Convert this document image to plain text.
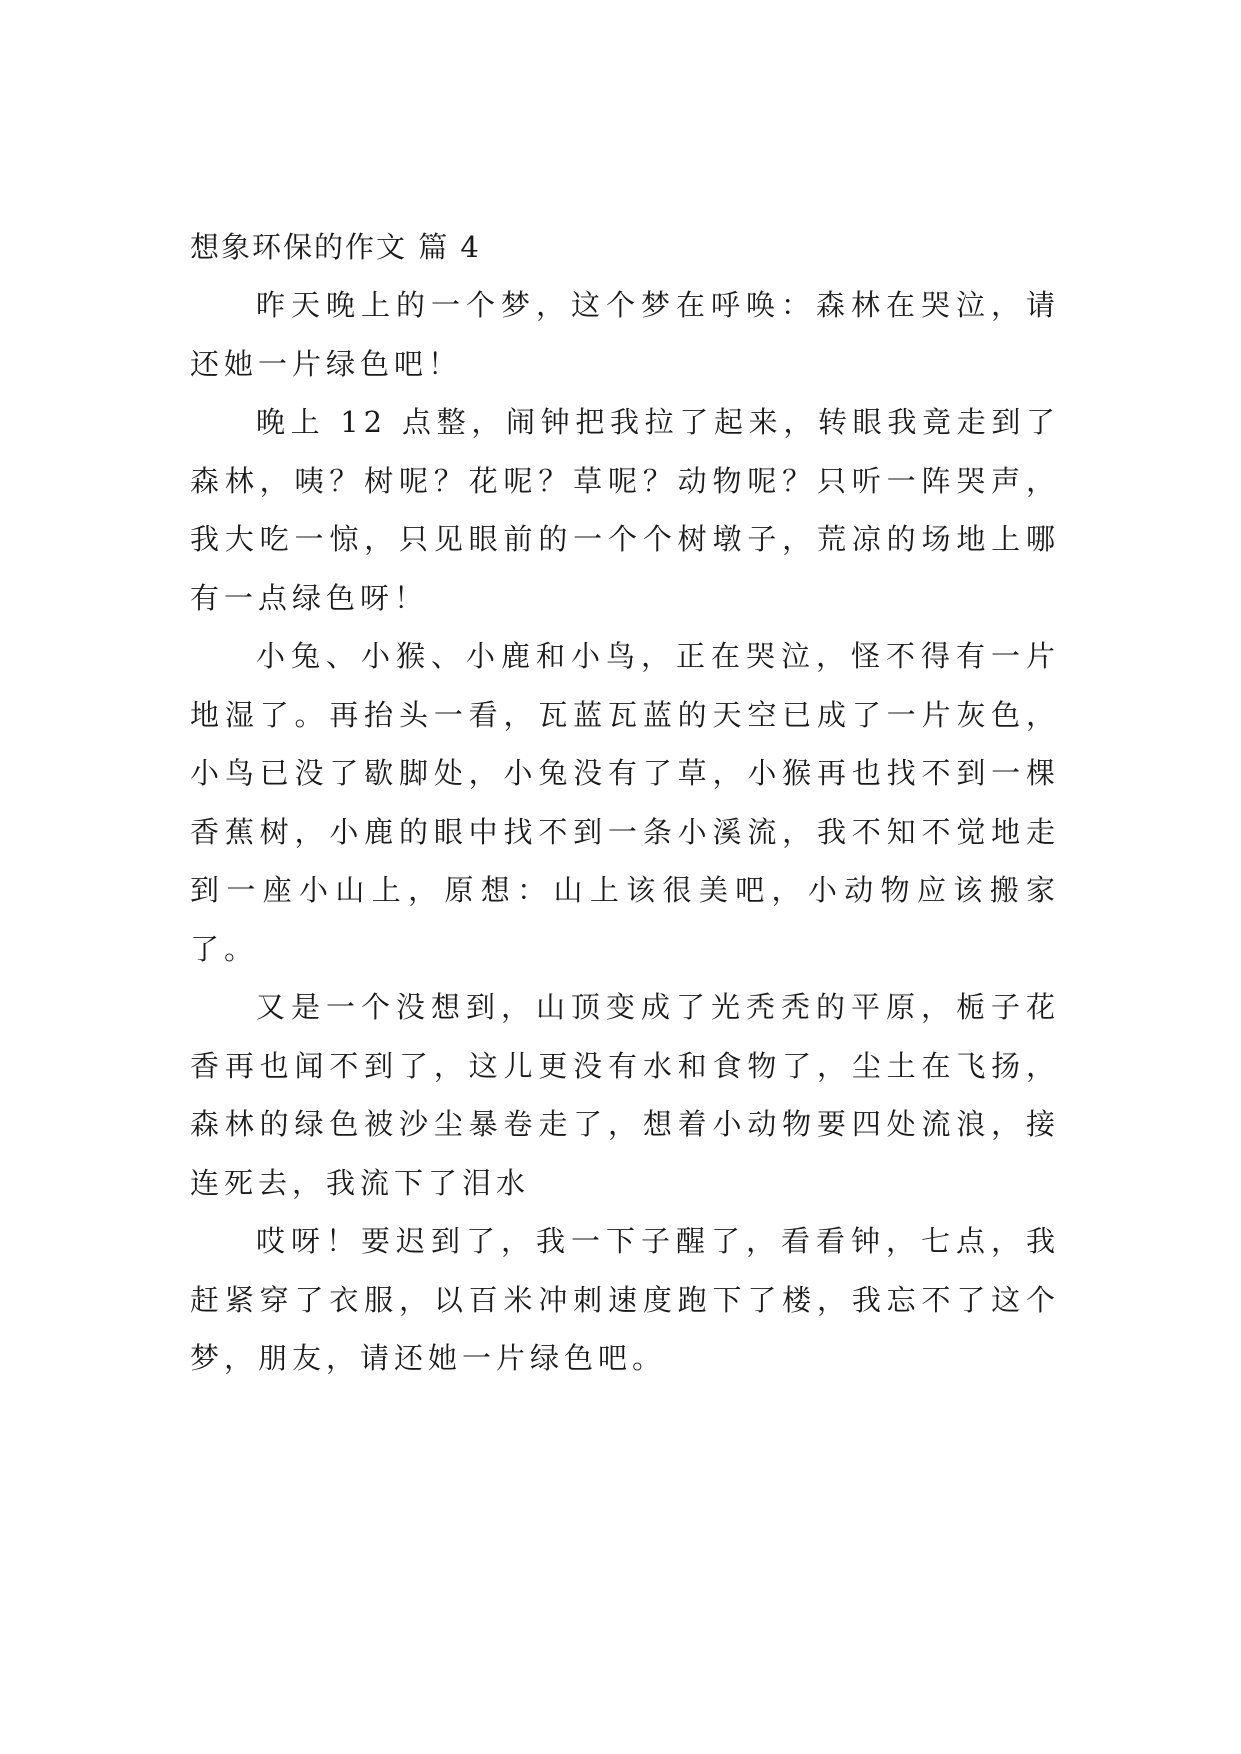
想象环保的作文 篇 4

昨天晚上的一个梦，这个梦在呼唤：森林在哭泣，请还她一片绿色吧！

晚上 12 点整，闹钟把我拉了起来，转眼我竟走到了森林，咦？树呢？花呢？草呢？动物呢？只听一阵哭声，我大吃一惊，只见眼前的一个个树墩子，荒凉的场地上哪有一点绿色呀！

小兔、小猴、小鹿和小鸟，正在哭泣，怪不得有一片地湿了。再抬头一看，瓦蓝瓦蓝的天空已成了一片灰色，小鸟已没了歇脚处，小兔没有了草，小猴再也找不到一棵香蕉树，小鹿的眼中找不到一条小溪流，我不知不觉地走到一座小山上，原想：山上该很美吧，小动物应该搬家了。

又是一个没想到，山顶变成了光秃秃的平原，栀子花香再也闻不到了，这儿更没有水和食物了，尘土在飞扬，森林的绿色被沙尘暴卷走了，想着小动物要四处流浪，接连死去，我流下了泪水

哎呀！要迟到了，我一下子醒了，看看钟，七点，我赶紧穿了衣服，以百米冲刺速度跑下了楼，我忘不了这个梦，朋友，请还她一片绿色吧。
